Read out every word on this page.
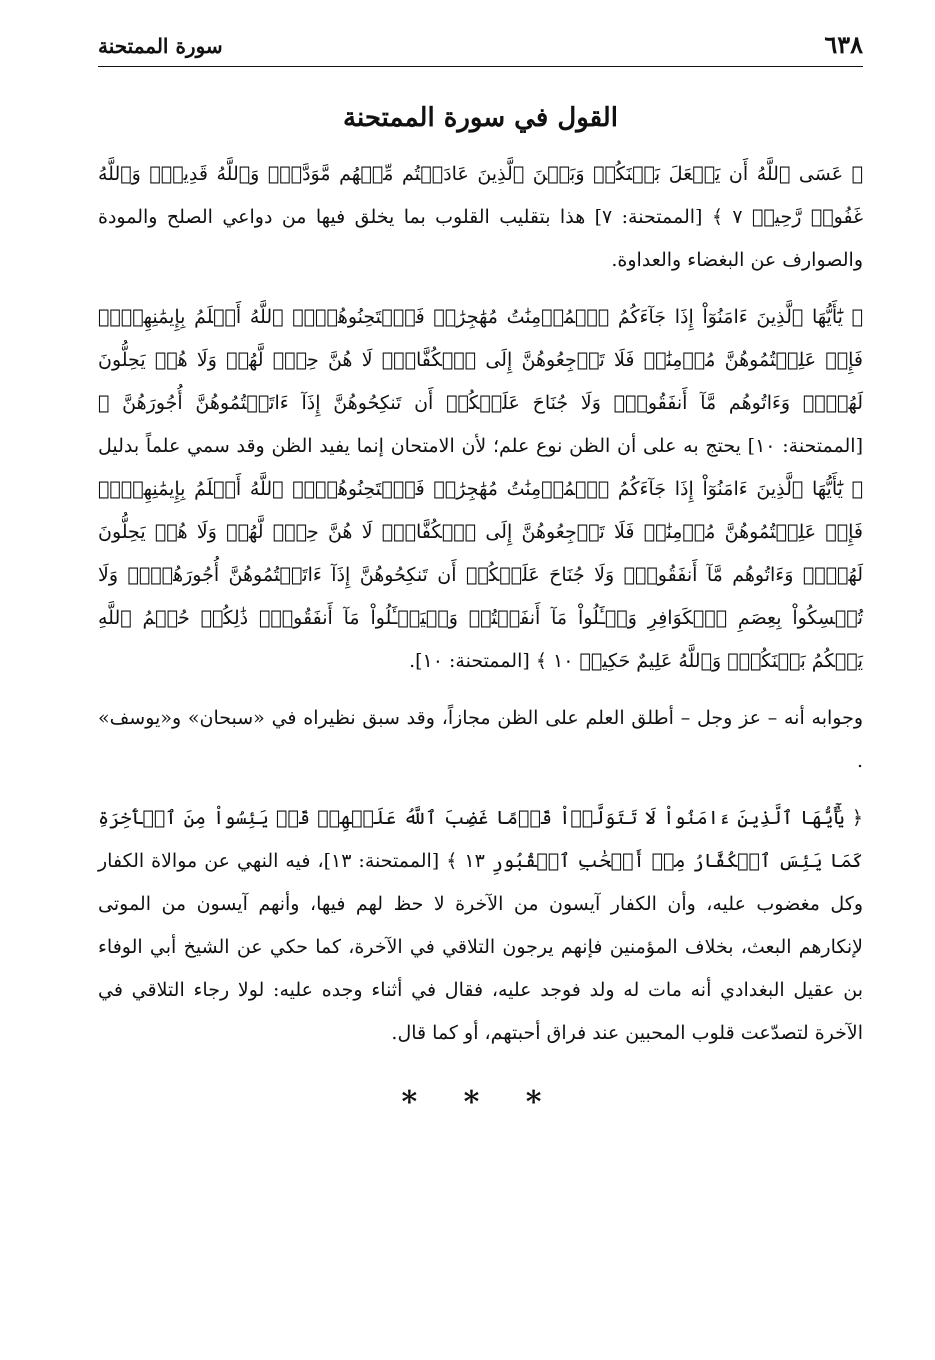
٦٣٨
سورة الممتحنة
القول في سورة الممتحنة

﴿ عَسَى ٱللَّهُ أَن يَجۡعَلَ بَيۡنَكُمۡ وَبَيۡنَ ٱلَّذِينَ عَادَيۡتُم مِّنۡهُم مَّوَدَّةٗۚ وَٱللَّهُ قَدِيرٞۚ وَٱللَّهُ غَفُورٞ رَّحِيمٞ ٧ ﴾ [الممتحنة: ٧] هذا بتقليب القلوب بما يخلق فيها من دواعي الصلح والمودة والصوارف عن البغضاء والعداوة.

﴿ يَٰٓأَيُّهَا ٱلَّذِينَ ءَامَنُوٓاْ إِذَا جَآءَكُمُ ٱلۡمُؤۡمِنَٰتُ مُهَٰجِرَٰتٖ فَٱمۡتَحِنُوهُنَّۖ ٱللَّهُ أَعۡلَمُ بِإِيمَٰنِهِنَّۖ فَإِنۡ عَلِمۡتُمُوهُنَّ مُؤۡمِنَٰتٖ فَلَا تَرۡجِعُوهُنَّ إِلَى ٱلۡكُفَّارِۖ لَا هُنَّ حِلّٞ لَّهُمۡ وَلَا هُمۡ يَحِلُّونَ لَهُنَّۖ وَءَاتُوهُم مَّآ أَنفَقُواْۚ وَلَا جُنَاحَ عَلَيۡكُمۡ أَن تَنكِحُوهُنَّ إِذَآ ءَاتَيۡتُمُوهُنَّ أُجُورَهُنَّ ﴾ [الممتحنة: ١٠] يحتج به على أن الظن نوع علم؛ لأن الامتحان إنما يفيد الظن وقد سمي علماً بدليل ﴿ يَٰٓأَيُّهَا ٱلَّذِينَ ءَامَنُوٓاْ إِذَا جَآءَكُمُ ٱلۡمُؤۡمِنَٰتُ مُهَٰجِرَٰتٖ فَٱمۡتَحِنُوهُنَّۖ ٱللَّهُ أَعۡلَمُ بِإِيمَٰنِهِنَّۖ فَإِنۡ عَلِمۡتُمُوهُنَّ مُؤۡمِنَٰتٖ فَلَا تَرۡجِعُوهُنَّ إِلَى ٱلۡكُفَّارِۖ لَا هُنَّ حِلّٞ لَّهُمۡ وَلَا هُمۡ يَحِلُّونَ لَهُنَّۖ وَءَاتُوهُم مَّآ أَنفَقُواْۚ وَلَا جُنَاحَ عَلَيۡكُمۡ أَن تَنكِحُوهُنَّ إِذَآ ءَاتَيۡتُمُوهُنَّ أُجُورَهُنَّۚ وَلَا تُمۡسِكُواْ بِعِصَمِ ٱلۡكَوَافِرِ وَسۡـَٔلُواْ مَآ أَنفَقۡتُمۡ وَلۡيَسۡـَٔلُواْ مَآ أَنفَقُواْۚ ذَٰلِكُمۡ حُكۡمُ ٱللَّهِ يَحۡكُمُ بَيۡنَكُمۡۚ وَٱللَّهُ عَلِيمٌ حَكِيمٞ ١٠ ﴾ [الممتحنة: ١٠].

وجوابه أنه – عز وجل – أطلق العلم على الظن مجازاً، وقد سبق نظيراه في «سبحان» و«يوسف» .

﴿ يَٰٓأَيُّهَا ٱلَّذِينَ ءَامَنُواْ لَا تَتَوَلَّوۡاْ قَوۡمًا غَضِبَ ٱللَّهُ عَلَيۡهِمۡ قَدۡ يَئِسُواْ مِنَ ٱلۡأٓخِرَةِ كَمَا يَئِسَ ٱلۡكُفَّارُ مِنۡ أَصۡحَٰبِ ٱلۡقُبُورِ ١٣ ﴾ [الممتحنة: ١٣]، فيه النهي عن موالاة الكفار وكل مغضوب عليه، وأن الكفار آيسون من الآخرة لا حظ لهم فيها، وأنهم آيسون من الموتى لإنكارهم البعث، بخلاف المؤمنين فإنهم يرجون التلاقي في الآخرة، كما حكي عن الشيخ أبي الوفاء بن عقيل البغدادي أنه مات له ولد فوجد عليه، فقال في أثناء وجده عليه: لولا رجاء التلاقي في الآخرة لتصدّعت قلوب المحبين عند فراق أحبتهم، أو كما قال.

* * *
